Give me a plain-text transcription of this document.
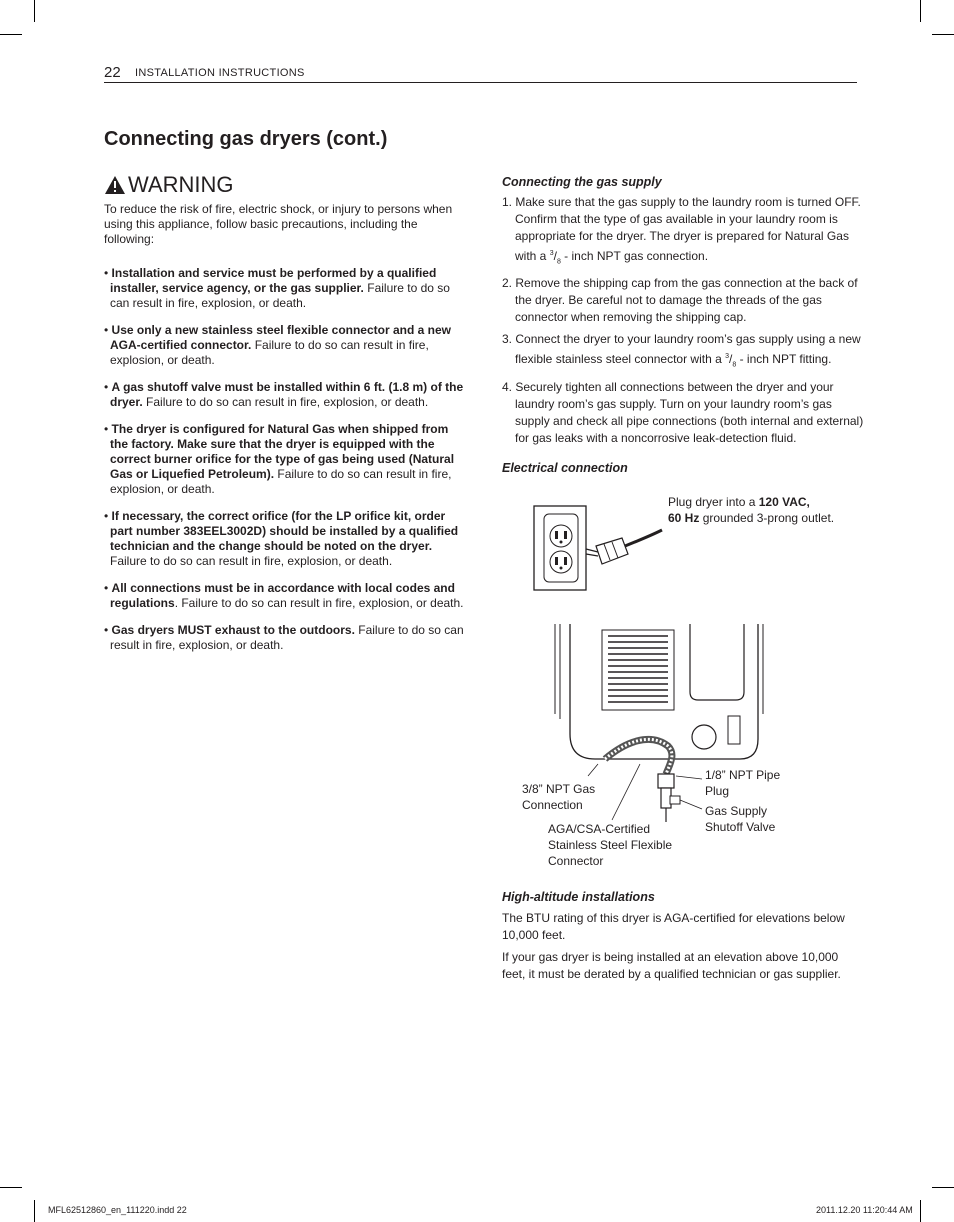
22 INSTALLATION INSTRUCTIONS
Connecting gas dryers (cont.)
WARNING
To reduce the risk of fire, electric shock, or injury to persons when using this appliance, follow basic precautions, including the following:
• Installation and service must be performed by a qualified installer, service agency, or the gas supplier. Failure to do so can result in fire, explosion, or death.
• Use only a new stainless steel flexible connector and a new AGA-certified connector. Failure to do so can result in fire, explosion, or death.
• A gas shutoff valve must be installed within 6 ft. (1.8 m) of the dryer. Failure to do so can result in fire, explosion, or death.
• The dryer is configured for Natural Gas when shipped from the factory. Make sure that the dryer is equipped with the correct burner orifice for the type of gas being used (Natural Gas or Liquefied Petroleum). Failure to do so can result in fire, explosion, or death.
• If necessary, the correct orifice (for the LP orifice kit, order part number 383EEL3002D) should be installed by a qualified technician and the change should be noted on the dryer. Failure to do so can result in fire, explosion, or death.
• All connections must be in accordance with local codes and regulations. Failure to do so can result in fire, explosion, or death.
• Gas dryers MUST exhaust to the outdoors. Failure to do so can result in fire, explosion, or death.
Connecting the gas supply
1. Make sure that the gas supply to the laundry room is turned OFF. Confirm that the type of gas available in your laundry room is appropriate for the dryer. The dryer is prepared for Natural Gas with a $^3/_8$ - inch NPT gas connection.
2. Remove the shipping cap from the gas connection at the back of the dryer. Be careful not to damage the threads of the gas connector when removing the shipping cap.
3. Connect the dryer to your laundry room’s gas supply using a new flexible stainless steel connector with a $^3/_8$ - inch NPT fitting.
4. Securely tighten all connections between the dryer and your laundry room’s gas supply. Turn on your laundry room’s gas supply and check all pipe connections (both internal and external) for gas leaks with a noncorrosive leak-detection fluid.
Electrical connection
Plug dryer into a 120 VAC,
60 Hz grounded 3-prong outlet.
3/8” NPT Gas
Connection
1/8” NPT Pipe
Plug
Gas Supply
Shutoff Valve
AGA/CSA-Certified
Stainless Steel Flexible
Connector
High-altitude installations
The BTU rating of this dryer is AGA-certified for elevations below 10,000 feet.
If your gas dryer is being installed at an elevation above 10,000 feet, it must be derated by a qualified technician or gas supplier.
MFL62512860_en_111220.indd 22	2011.12.20 11:20:44 AM
